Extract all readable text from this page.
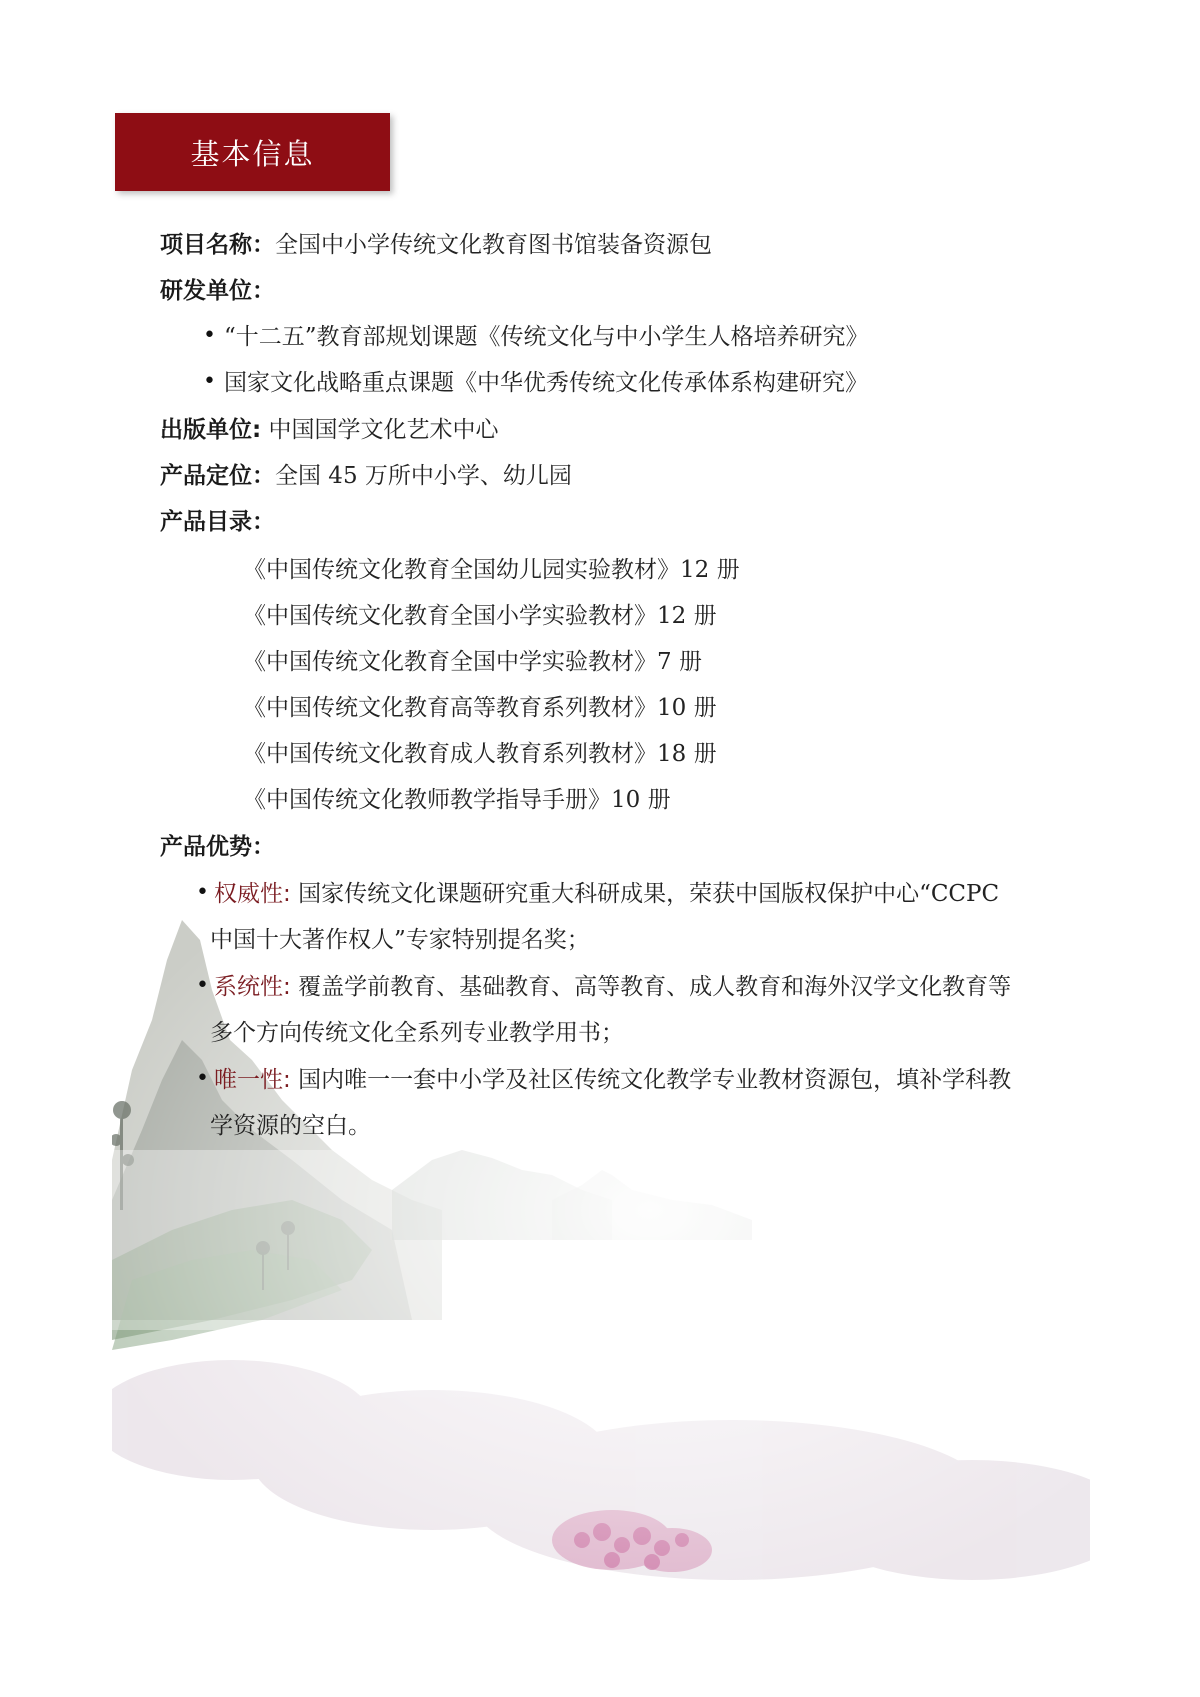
基本信息
项目名称：全国中小学传统文化教育图书馆装备资源包
研发单位：
• “十二五”教育部规划课题《传统文化与中小学生人格培养研究》
• 国家文化战略重点课题《中华优秀传统文化传承体系构建研究》
出版单位: 中国国学文化艺术中心
产品定位：全国 45 万所中小学、幼儿园
产品目录：
《中国传统文化教育全国幼儿园实验教材》12 册
《中国传统文化教育全国小学实验教材》12 册
《中国传统文化教育全国中学实验教材》7 册
《中国传统文化教育高等教育系列教材》10 册
《中国传统文化教育成人教育系列教材》18 册
《中国传统文化教师教学指导手册》10 册
产品优势：
• 权威性: 国家传统文化课题研究重大科研成果，荣获中国版权保护中心“CCPC
中国十大著作权人”专家特别提名奖；
• 系统性: 覆盖学前教育、基础教育、高等教育、成人教育和海外汉学文化教育等
多个方向传统文化全系列专业教学用书；
• 唯一性: 国内唯一一套中小学及社区传统文化教学专业教材资源包，填补学科教
学资源的空白。
